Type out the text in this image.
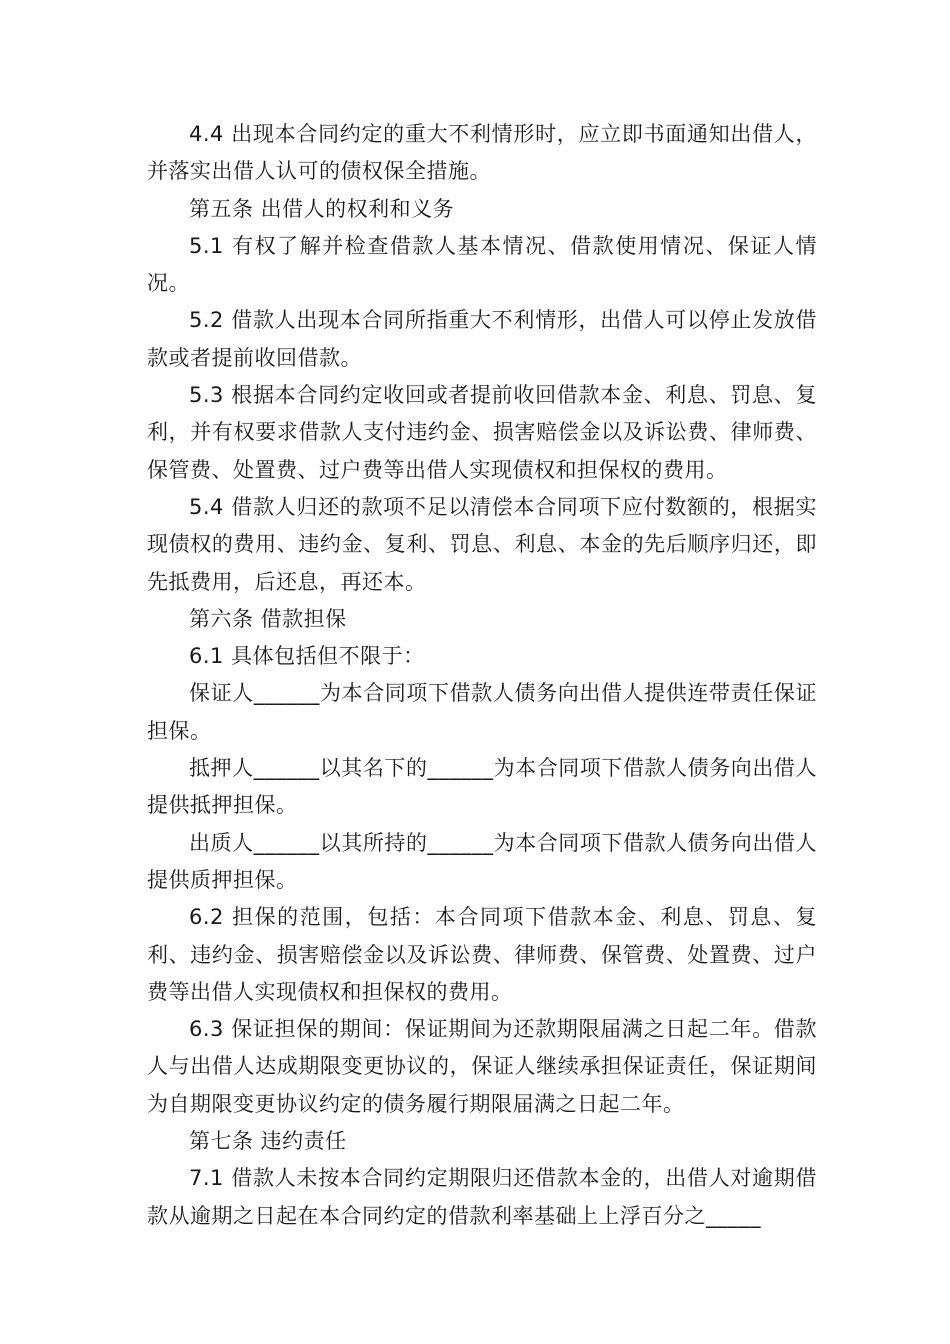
4.4 出现本合同约定的重大不利情形时，应立即书面通知出借人，并落实出借人认可的债权保全措施。

第五条 出借人的权利和义务

5.1 有权了解并检查借款人基本情况、借款使用情况、保证人情况。

5.2 借款人出现本合同所指重大不利情形，出借人可以停止发放借款或者提前收回借款。

5.3 根据本合同约定收回或者提前收回借款本金、利息、罚息、复利，并有权要求借款人支付违约金、损害赔偿金以及诉讼费、律师费、保管费、处置费、过户费等出借人实现债权和担保权的费用。

5.4 借款人归还的款项不足以清偿本合同项下应付数额的，根据实现债权的费用、违约金、复利、罚息、利息、本金的先后顺序归还，即先抵费用，后还息，再还本。

第六条 借款担保

6.1 具体包括但不限于：

保证人______为本合同项下借款人债务向出借人提供连带责任保证担保。

抵押人______以其名下的______为本合同项下借款人债务向出借人提供抵押担保。

出质人______以其所持的______为本合同项下借款人债务向出借人提供质押担保。

6.2 担保的范围，包括：本合同项下借款本金、利息、罚息、复利、违约金、损害赔偿金以及诉讼费、律师费、保管费、处置费、过户费等出借人实现债权和担保权的费用。

6.3 保证担保的期间：保证期间为还款期限届满之日起二年。借款人与出借人达成期限变更协议的，保证人继续承担保证责任，保证期间为自期限变更协议约定的债务履行期限届满之日起二年。

第七条 违约责任

7.1 借款人未按本合同约定期限归还借款本金的，出借人对逾期借款从逾期之日起在本合同约定的借款利率基础上上浮百分之_____
